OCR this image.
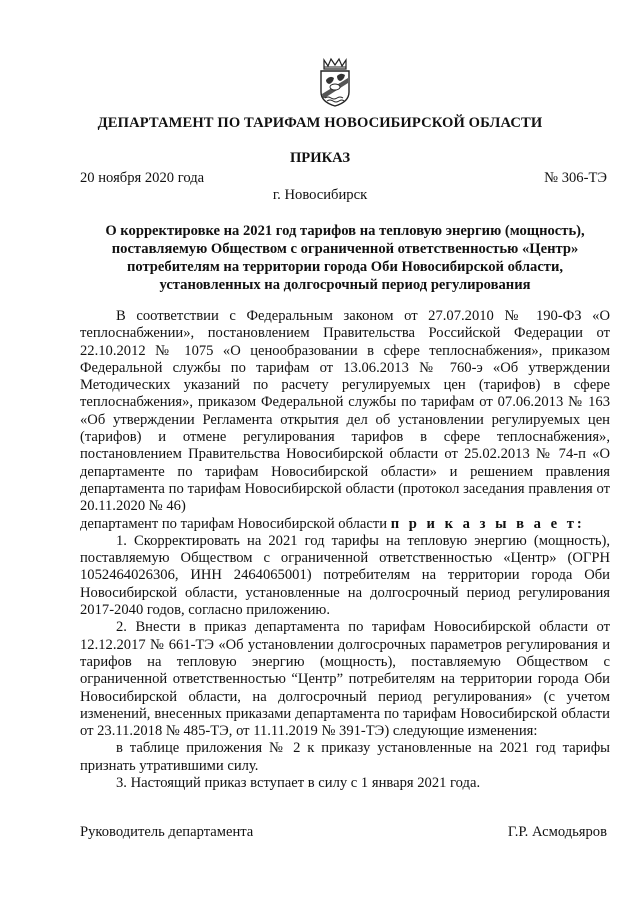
ДЕПАРТАМЕНТ ПО ТАРИФАМ НОВОСИБИРСКОЙ ОБЛАСТИ
ПРИКАЗ
20 ноября 2020 года	№ 306-ТЭ
г. Новосибирск
О корректировке на 2021 год тарифов на тепловую энергию (мощность), поставляемую Обществом с ограниченной ответственностью «Центр» потребителям на территории города Оби Новосибирской области, установленных на долгосрочный период регулирования

В соответствии с Федеральным законом от 27.07.2010 № 190-ФЗ «О теплоснабжении», постановлением Правительства Российской Федерации от 22.10.2012 № 1075 «О ценообразовании в сфере теплоснабжения», приказом Федеральной службы по тарифам от 13.06.2013 № 760-э «Об утверждении Методических указаний по расчету регулируемых цен (тарифов) в сфере теплоснабжения», приказом Федеральной службы по тарифам от 07.06.2013 № 163 «Об утверждении Регламента открытия дел об установлении регулируемых цен (тарифов) и отмене регулирования тарифов в сфере теплоснабжения», постановлением Правительства Новосибирской области от 25.02.2013 № 74-п «О департаменте по тарифам Новосибирской области» и решением правления департамента по тарифам Новосибирской области (протокол заседания правления от 20.11.2020 № 46)

департамент по тарифам Новосибирской области п р и к а з ы в а е т:

1. Скорректировать на 2021 год тарифы на тепловую энергию (мощность), поставляемую Обществом с ограниченной ответственностью «Центр» (ОГРН 1052464026306, ИНН 2464065001) потребителям на территории города Оби Новосибирской области, установленные на долгосрочный период регулирования 2017-2040 годов, согласно приложению.

2. Внести в приказ департамента по тарифам Новосибирской области от 12.12.2017 № 661-ТЭ «Об установлении долгосрочных параметров регулирования и тарифов на тепловую энергию (мощность), поставляемую Обществом с ограниченной ответственностью “Центр” потребителям на территории города Оби Новосибирской области, на долгосрочный период регулирования» (с учетом изменений, внесенных приказами департамента по тарифам Новосибирской области от 23.11.2018 № 485-ТЭ, от 11.11.2019 № 391-ТЭ) следующие изменения:

в таблице приложения № 2 к приказу установленные на 2021 год тарифы признать утратившими силу.

3. Настоящий приказ вступает в силу с 1 января 2021 года.

Руководитель департамента	Г.Р. Асмодьяров
